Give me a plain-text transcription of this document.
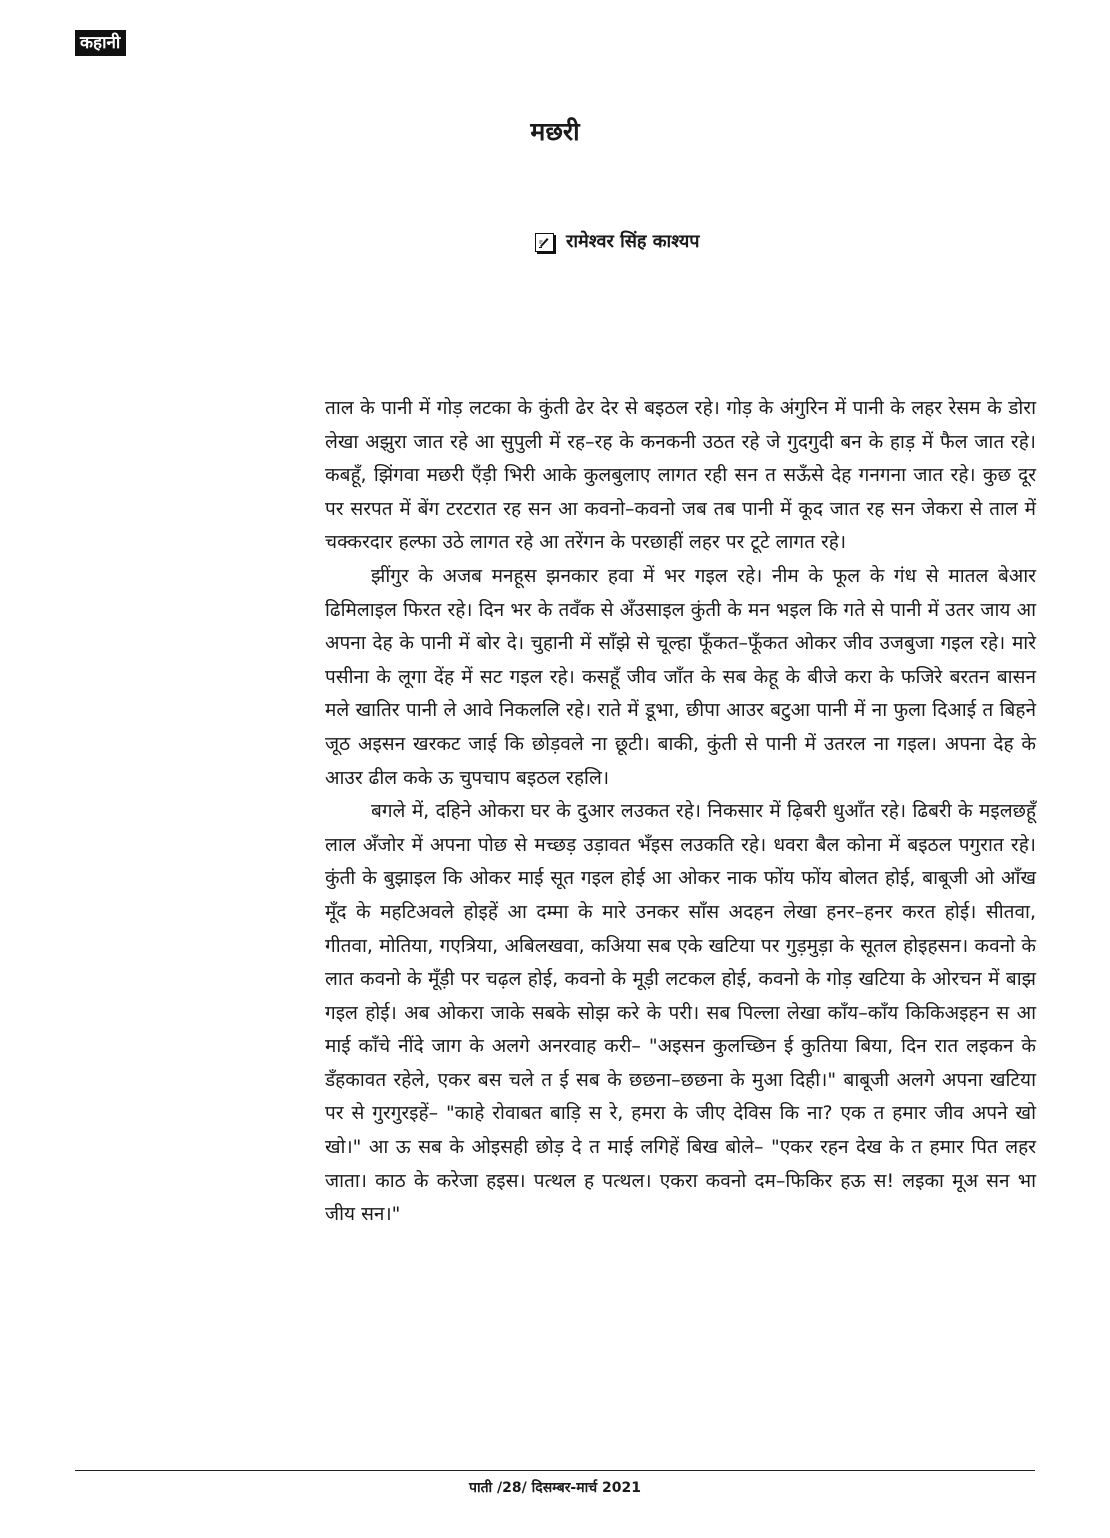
कहानी
मछरी
रामेश्वर सिंह काश्यप

ताल के पानी में गोड़ लटका के कुंती ढेर देर से बइठल रहे। गोड़ के अंगुरिन में पानी के लहर रेसम के डोरा लेखा अझुरा जात रहे आ सुपुली में रह–रह के कनकनी उठत रहे जे गुदगुदी बन के हाड़ में फैल जात रहे। कबहूँ, झिंगवा मछरी एँड़ी भिरी आके कुलबुलाए लागत रही सन त सऊँसे देह गनगना जात रहे। कुछ दूर पर सरपत में बेंग टरटरात रह सन आ कवनो–कवनो जब तब पानी में कूद जात रह सन जेकरा से ताल में चक्करदार हल्फा उठे लागत रहे आ तरेंगन के परछाहीं लहर पर टूटे लागत रहे।

झींगुर के अजब मनहूस झनकार हवा में भर गइल रहे। नीम के फूल के गंध से मातल बेआर ढिमिलाइल फिरत रहे। दिन भर के तवँक से अँउसाइल कुंती के मन भइल कि गते से पानी में उतर जाय आ अपना देह के पानी में बोर दे। चुहानी में साँझे से चूल्हा फूँकत–फूँकत ओकर जीव उजबुजा गइल रहे। मारे पसीना के लूगा देंह में सट गइल रहे। कसहूँ जीव जाँत के सब केहू के बीजे करा के फजिरे बरतन बासन मले खातिर पानी ले आवे निकललि रहे। राते में डूभा, छीपा आउर बटुआ पानी में ना फुला दिआई त बिहने जूठ अइसन खरकट जाई कि छोड़वले ना छूटी। बाकी, कुंती से पानी में उतरल ना गइल। अपना देह के आउर ढील कके ऊ चुपचाप बइठल रहलि।

बगले में, दहिने ओकरा घर के दुआर लउकत रहे। निकसार में ढ़िबरी धुआँत रहे। ढिबरी के मइलछहूँ लाल अँजोर में अपना पोछ से मच्छड़ उड़ावत भँइस लउकति रहे। धवरा बैल कोना में बइठल पगुरात रहे। कुंती के बुझाइल कि ओकर माई सूत गइल होई आ ओकर नाक फोंय फोंय बोलत होई, बाबूजी ओ आँख मूँद के महटिअवले होइहें आ दम्मा के मारे उनकर साँस अदहन लेखा हनर–हनर करत होई। सीतवा, गीतवा, मोतिया, गएत्रिया, अबिलखवा, कअिया सब एके खटिया पर गुड़मुड़ा के सूतल होइहसन। कवनो के लात कवनो के मूँड़ी पर चढ़ल होई, कवनो के मूड़ी लटकल होई, कवनो के गोड़ खटिया के ओरचन में बाझ गइल होई। अब ओकरा जाके सबके सोझ करे के परी। सब पिल्ला लेखा काँय–काँय किकिअइहन स आ माई काँचे नींदे जाग के अलगे अनरवाह करी– "अइसन कुलच्छिन ई कुतिया बिया, दिन रात लइकन के डँहकावत रहेले, एकर बस चले त ई सब के छछना–छछना के मुआ दिही।" बाबूजी अलगे अपना खटिया पर से गुरगुरइहें– "काहे रोवाबत बाड़ि स रे, हमरा के जीए देविस कि ना? एक त हमार जीव अपने खो खो।" आ ऊ सब के ओइसही छोड़ दे त माई लगिहें बिख बोले– "एकर रहन देख के त हमार पित लहर जाता। काठ के करेजा हइस। पत्थल ह पत्थल। एकरा कवनो दम–फिकिर हऊ स! लइका मूअ सन भा जीय सन।"

पाती /28/ दिसम्बर-मार्च 2021
